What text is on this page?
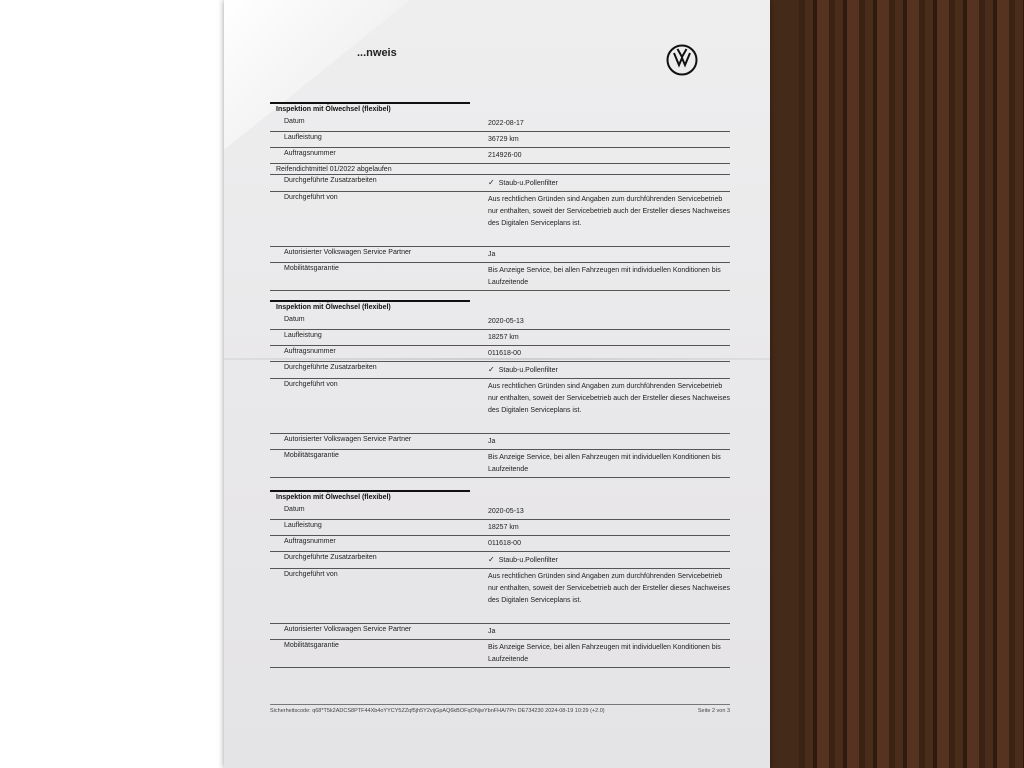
...nweis
Inspektion mit Ölwechsel (flexibel)
Datum	2022-08-17
Laufleistung	36729 km
Auftragsnummer	214926-00
Reifendichtmittel 01/2022 abgelaufen
Durchgeführte Zusatzarbeiten	✓ Staub-u.Pollenfilter
Durchgeführt von	Aus rechtlichen Gründen sind Angaben zum durchführenden Servicebetrieb nur enthalten, soweit der Servicebetrieb auch der Ersteller dieses Nachweises des Digitalen Serviceplans ist.
Autorisierter Volkswagen Service Partner	Ja
Mobilitätsgarantie	Bis Anzeige Service, bei allen Fahrzeugen mit individuellen Konditionen bis Laufzeitende
Inspektion mit Ölwechsel (flexibel)
Datum	2020-05-13
Laufleistung	18257 km
Auftragsnummer	011618-00
Durchgeführte Zusatzarbeiten	✓ Staub-u.Pollenfilter
Durchgeführt von	Aus rechtlichen Gründen sind Angaben zum durchführenden Servicebetrieb nur enthalten, soweit der Servicebetrieb auch der Ersteller dieses Nachweises des Digitalen Serviceplans ist.
Autorisierter Volkswagen Service Partner	Ja
Mobilitätsgarantie	Bis Anzeige Service, bei allen Fahrzeugen mit individuellen Konditionen bis Laufzeitende
Inspektion mit Ölwechsel (flexibel)
Datum	2020-05-13
Laufleistung	18257 km
Auftragsnummer	011618-00
Durchgeführte Zusatzarbeiten	✓ Staub-u.Pollenfilter
Durchgeführt von	Aus rechtlichen Gründen sind Angaben zum durchführenden Servicebetrieb nur enthalten, soweit der Servicebetrieb auch der Ersteller dieses Nachweises des Digitalen Serviceplans ist.
Autorisierter Volkswagen Service Partner	Ja
Mobilitätsgarantie	Bis Anzeige Service, bei allen Fahrzeugen mit individuellen Konditionen bis Laufzeitende
Sicherheitscode: q68*T5k2ADCS8PTF44Xb4oYYCY5ZZqf5jh5Y2vijGpAQ6kBOFqONjwYbnFHA/7Pn DE734230 2024-08-19 10:29 (+2.0)	Seite 2 von 3
